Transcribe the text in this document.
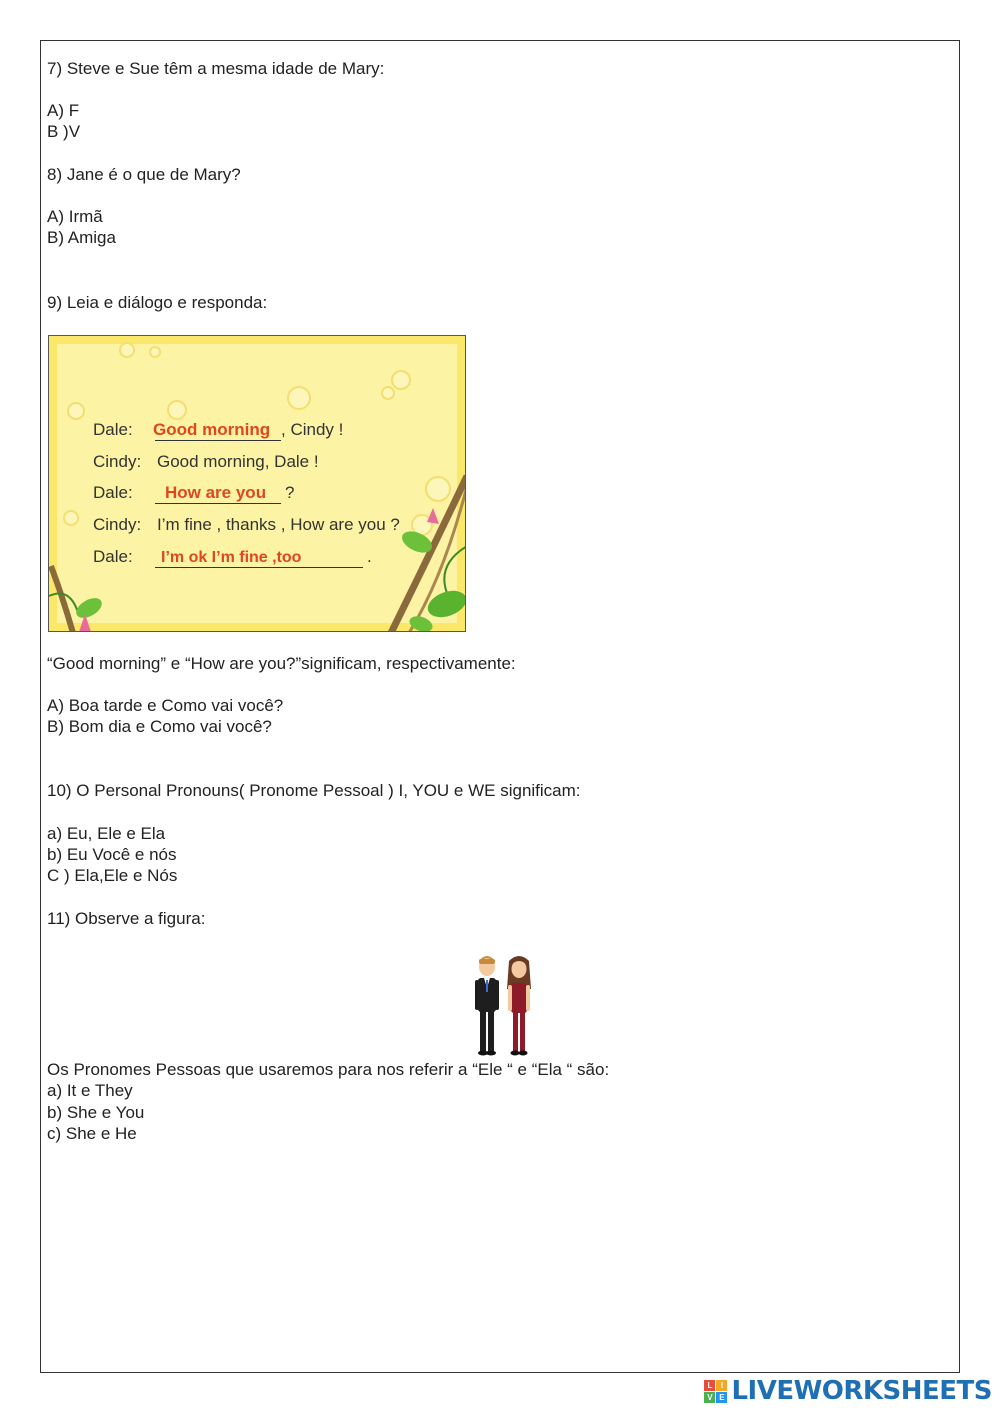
7) Steve e Sue têm a mesma idade de Mary:
A) F
B )V
8) Jane é o que de Mary?
A) Irmã
B) Amiga
9) Leia e diálogo e responda:
Dale:
Cindy:
Dale:
Cindy:
Dale:
Good morning , Cindy !
Good morning, Dale !
How are you ?
I’m fine , thanks , How are you ?
I’m ok I’m fine ,too	.
“Good morning” e “How are you?”significam, respectivamente:
A) Boa tarde e Como vai você?
B) Bom dia e Como vai você?
10) O Personal Pronouns( Pronome Pessoal ) I, YOU e WE significam:
a) Eu, Ele e Ela
b) Eu Você e nós
C ) Ela,Ele e Nós
11) Observe a figura:
Os Pronomes Pessoas que usaremos para nos referir a “Ele “ e “Ela “ são:
a) It e They
b) She e You
c) She e He
L	I
V E LIVEWORKSHEETS
